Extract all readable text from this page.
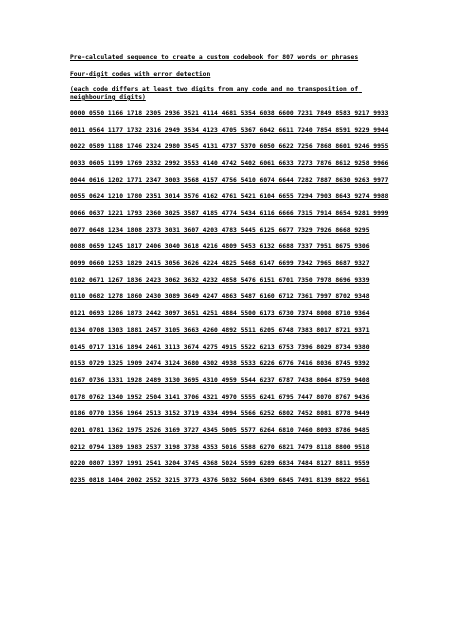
Pre-calculated sequence to create a custom codebook for 807 words or phrases

Four-digit codes with error detection

(each code differs at least two digits from any code and no transposition of neighbouring digits)

0000 0550 1166 1718 2305 2936 3521 4114 4681 5354 6038 6600 7231 7849 8583 9217 9933

0011 0564 1177 1732 2316 2949 3534 4123 4705 5367 6042 6611 7240 7854 8591 9229 9944

0022 0589 1188 1746 2324 2980 3545 4131 4737 5370 6050 6622 7256 7868 8601 9246 9955

0033 0605 1199 1769 2332 2992 3553 4140 4742 5402 6061 6633 7273 7876 8612 9258 9966

0044 0616 1202 1771 2347 3003 3568 4157 4756 5410 6074 6644 7282 7887 8630 9263 9977

0055 0624 1210 1780 2351 3014 3576 4162 4761 5421 6104 6655 7294 7903 8643 9274 9988

0066 0637 1221 1793 2360 3025 3587 4185 4774 5434 6116 6666 7315 7914 8654 9281 9999

0077 0648 1234 1808 2373 3031 3607 4203 4783 5445 6125 6677 7329 7926 8668 9295

0088 0659 1245 1817 2406 3040 3618 4216 4809 5453 6132 6688 7337 7951 8675 9306

0099 0660 1253 1829 2415 3056 3626 4224 4825 5468 6147 6699 7342 7965 8687 9327

0102 0671 1267 1836 2423 3062 3632 4232 4858 5476 6151 6701 7350 7978 8696 9339

0110 0682 1278 1860 2430 3089 3649 4247 4863 5487 6160 6712 7361 7997 8702 9348

0121 0693 1286 1873 2442 3097 3651 4251 4884 5500 6173 6730 7374 8008 8710 9364

0134 0708 1303 1881 2457 3105 3663 4260 4892 5511 6205 6748 7383 8017 8721 9371

0145 0717 1316 1894 2461 3113 3674 4275 4915 5522 6213 6753 7396 8029 8734 9380

0153 0729 1325 1909 2474 3124 3680 4302 4938 5533 6226 6776 7416 8036 8745 9392

0167 0736 1331 1928 2489 3130 3695 4310 4959 5544 6237 6787 7438 8064 8759 9408

0178 0762 1340 1952 2504 3141 3706 4321 4970 5555 6241 6795 7447 8070 8767 9436

0186 0770 1356 1964 2513 3152 3719 4334 4994 5566 6252 6802 7452 8081 8778 9449

0201 0781 1362 1975 2526 3169 3727 4345 5005 5577 6264 6810 7460 8093 8786 9485

0212 0794 1389 1983 2537 3198 3738 4353 5016 5588 6270 6821 7479 8118 8800 9518

0220 0807 1397 1991 2541 3204 3745 4368 5024 5599 6289 6834 7484 8127 8811 9559

0235 0818 1404 2002 2552 3215 3773 4376 5032 5604 6309 6845 7491 8139 8822 9561
